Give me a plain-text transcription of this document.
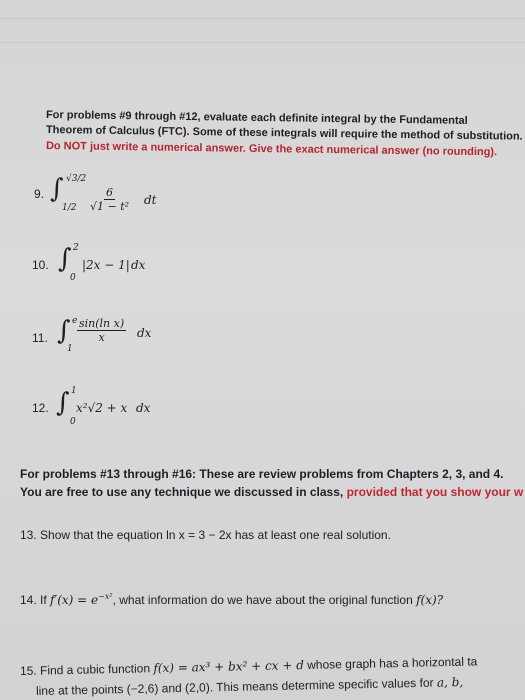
For problems #9 through #12, evaluate each definite integral by the Fundamental
Theorem of Calculus (FTC). Some of these integrals will require the method of substitution.
Do NOT just write a numerical answer. Give the exact numerical answer (no rounding).
9. ∫ √3/2
$1/2 \frac{6}{\text{√1 − t²}}$ dt
10. ∫ 2
0
|2x − 1| dx
11. ∫ e
1
$\frac{\text{sin(ln x)}}{x}$ dx
12. ∫ 1
0
x²√2 + x dx
For problems #13 through #16: These are review problems from Chapters 2, 3, and 4.
You are free to use any technique we discussed in class, provided that you show your w
13. Show that the equation ln x = 3 − 2x has at least one real solution.
14. If $f'(x) = e^{-x^2}$, what information do we have about the original function f(x)?
15. Find a cubic function f(x) = ax³ + bx² + cx + d whose graph has a horizontal ta
line at the points (−2,6) and (2,0). This means determine specific values for a, b,
